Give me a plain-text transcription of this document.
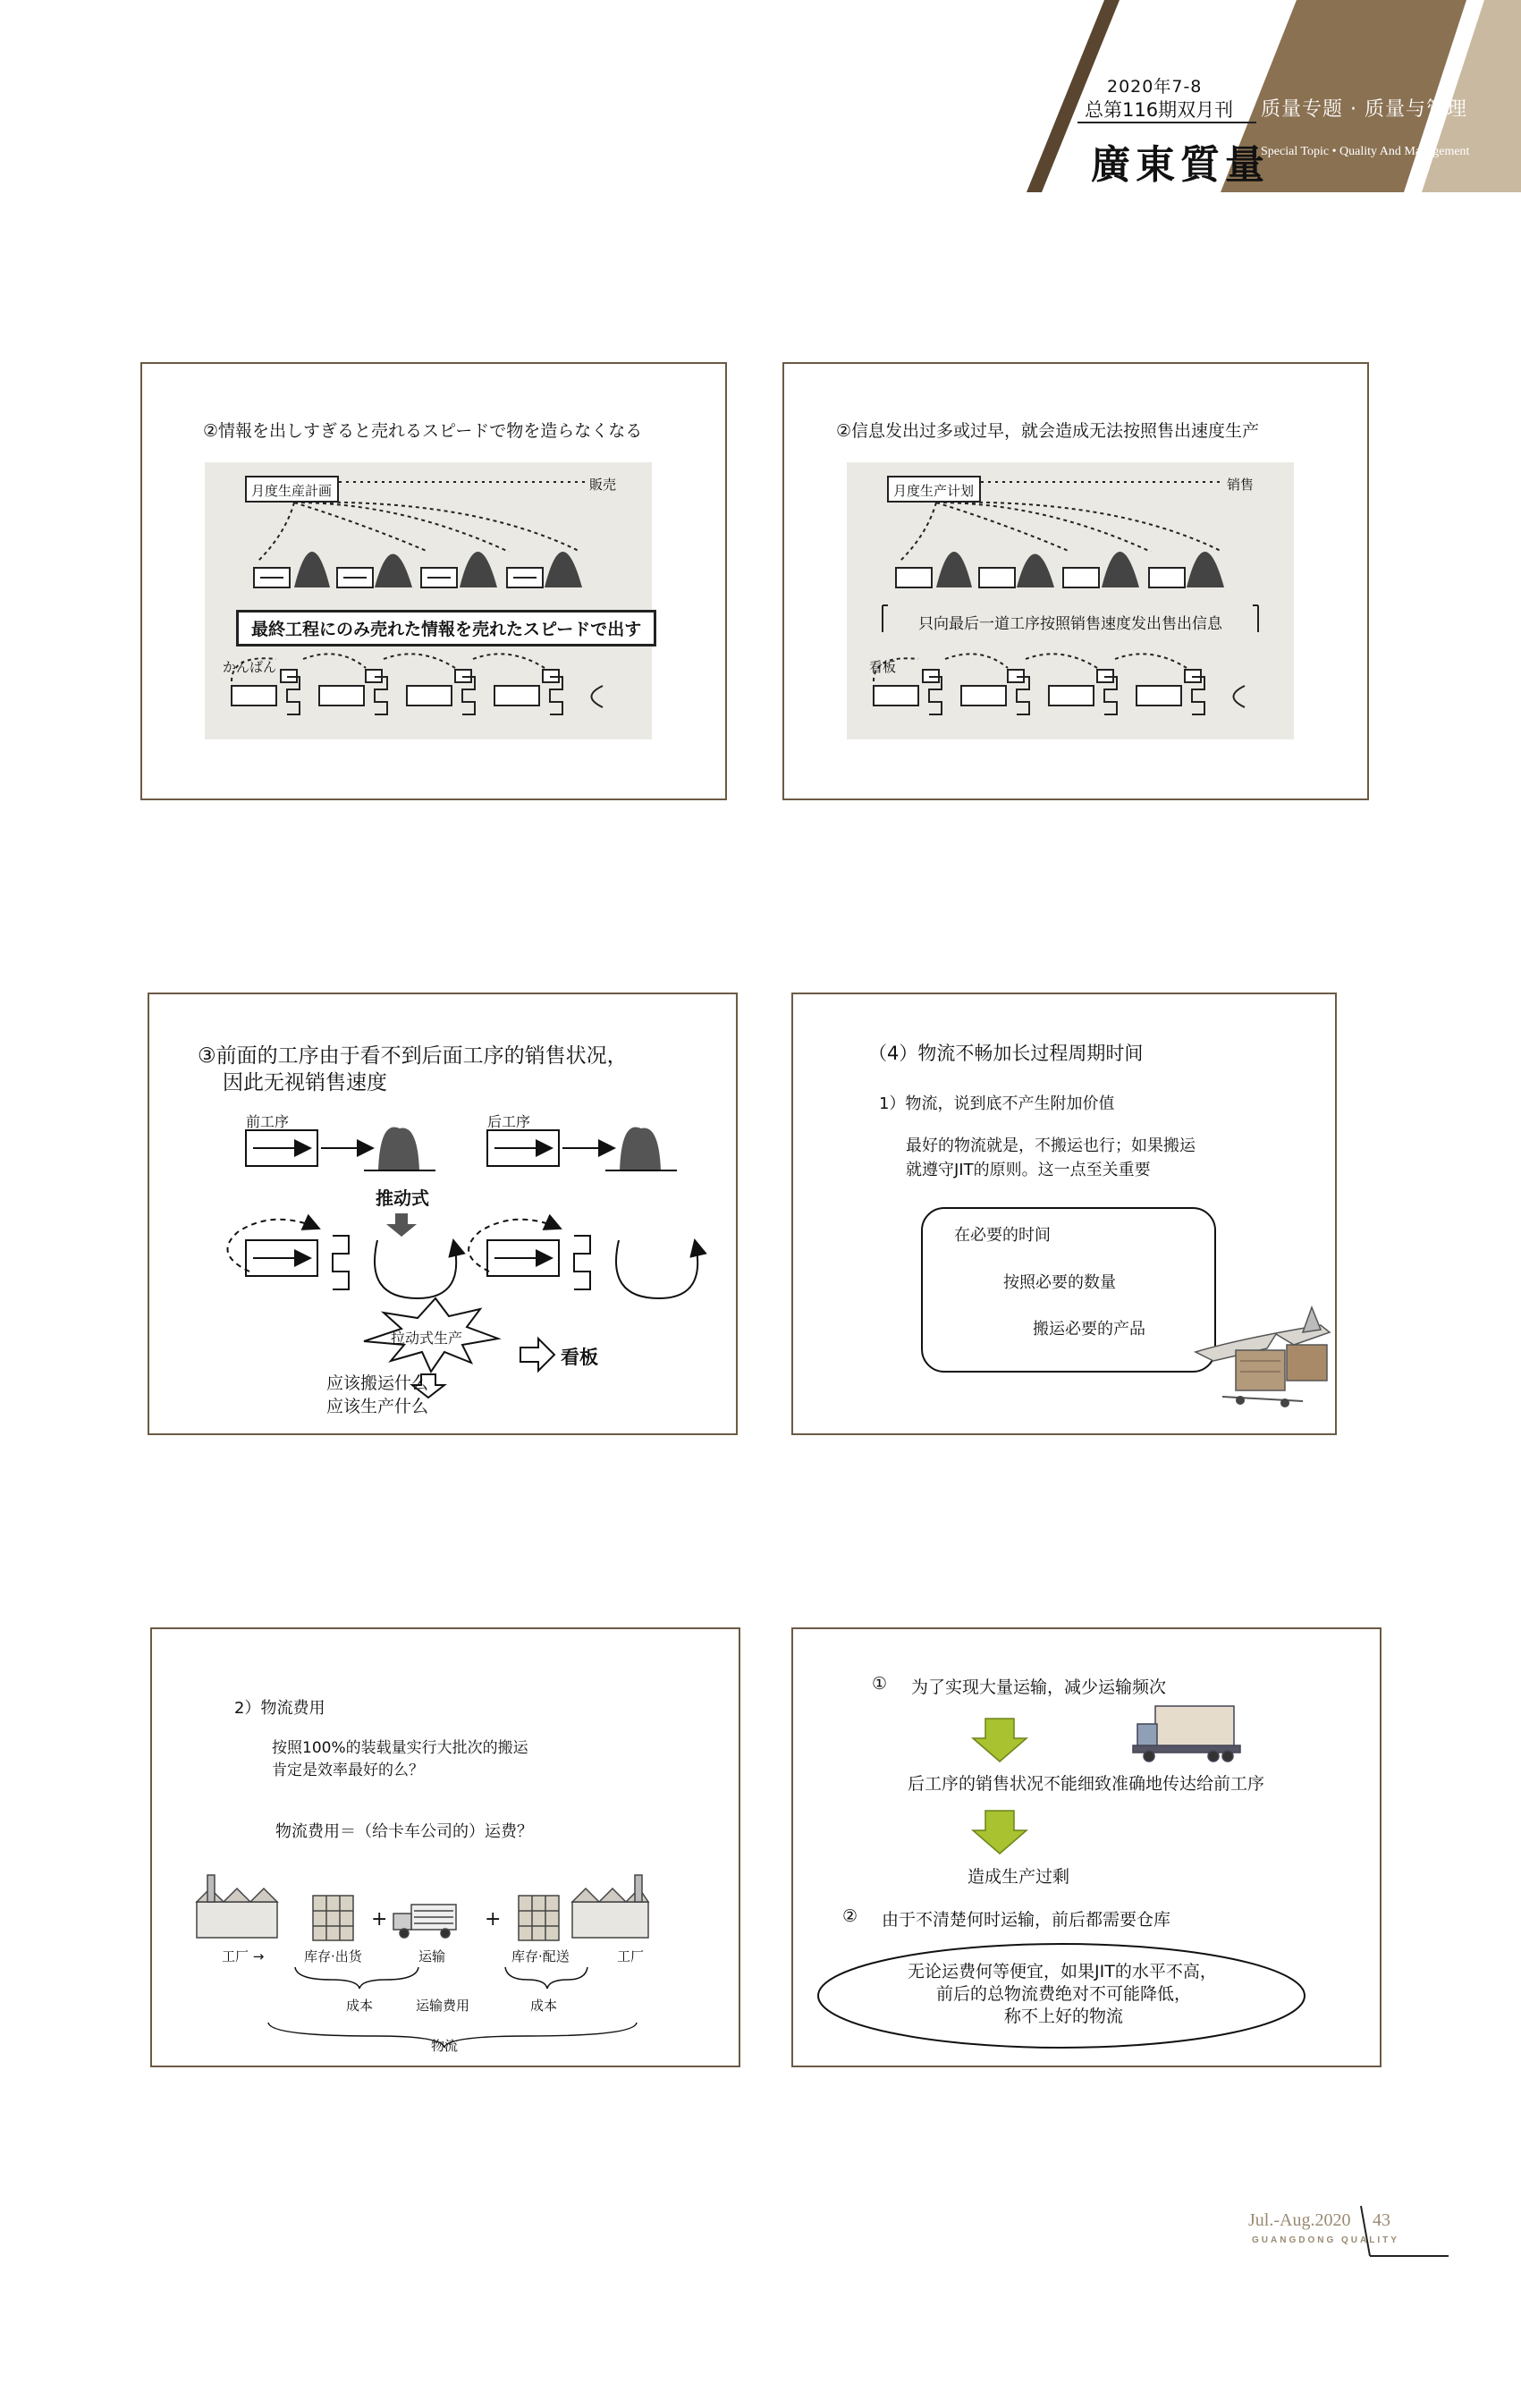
2020年7-8
总第116期双月刊
廣東質量
质量专题 · 质量与管理
Special Topic • Quality And Management
②情報を出しすぎると売れるスピードで物を造らなくなる
月度生産計画	販売
最終工程にのみ売れた情報を売れたスピードで出す
かんばん
②信息发出过多或过早，就会造成无法按照售出速度生产
月度生产计划	销售
只向最后一道工序按照销售速度发出售出信息
看板
③前面的工序由于看不到后面工序的销售状况，
因此无视销售速度
前工序	后工序
推动式
拉动式生产
看板
应该搬运什么
应该生产什么
（4）物流不畅加长过程周期时间
1）物流，说到底不产生附加价值
最好的物流就是，不搬运也行；如果搬运
就遵守JIT的原则。这一点至关重要
在必要的时间
按照必要的数量
搬运必要的产品
2）物流费用
按照100%的装载量实行大批次的搬运
肯定是效率最好的么？
物流费用＝（给卡车公司的）运费？
+	+
工厂 →	库存·出货	运输	库存·配送	工厂
成本	运输费用	成本
物流
① 为了实现大量运输，减少运输频次
后工序的销售状况不能细致准确地传达给前工序
造成生产过剩
② 由于不清楚何时运输，前后都需要仓库
无论运费何等便宜，如果JIT的水平不高，
前后的总物流费绝对不可能降低，
称不上好的物流
Jul.-Aug.2020 43
GUANGDONG QUALITY
